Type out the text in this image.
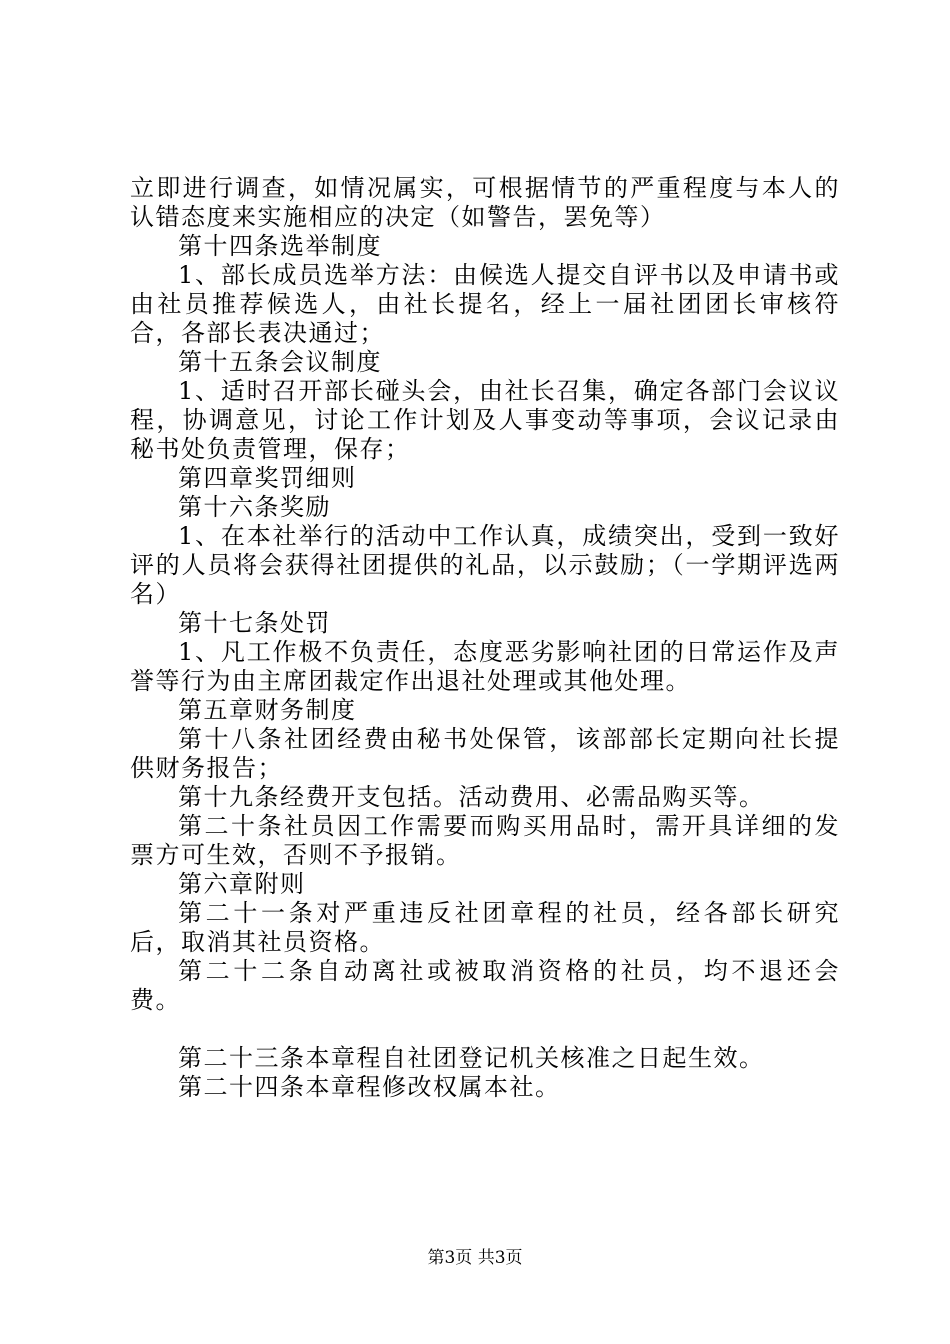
立即进行调查，如情况属实，可根据情节的严重程度与本人的认错态度来实施相应的决定（如警告，罢免等）

第十四条选举制度

1、部长成员选举方法：由候选人提交自评书以及申请书或由社员推荐候选人，由社长提名，经上一届社团团长审核符合，各部长表决通过；

第十五条会议制度

1、适时召开部长碰头会，由社长召集，确定各部门会议议程，协调意见，讨论工作计划及人事变动等事项，会议记录由秘书处负责管理，保存；

第四章奖罚细则

第十六条奖励

1、在本社举行的活动中工作认真，成绩突出，受到一致好评的人员将会获得社团提供的礼品，以示鼓励；（一学期评选两名）

第十七条处罚

1、凡工作极不负责任，态度恶劣影响社团的日常运作及声誉等行为由主席团裁定作出退社处理或其他处理。

第五章财务制度

第十八条社团经费由秘书处保管，该部部长定期向社长提供财务报告；

第十九条经费开支包括。活动费用、必需品购买等。

第二十条社员因工作需要而购买用品时，需开具详细的发票方可生效，否则不予报销。

第六章附则

第二十一条对严重违反社团章程的社员，经各部长研究后，取消其社员资格。

第二十二条自动离社或被取消资格的社员，均不退还会费。

第二十三条本章程自社团登记机关核准之日起生效。

第二十四条本章程修改权属本社。

第3页 共3页
